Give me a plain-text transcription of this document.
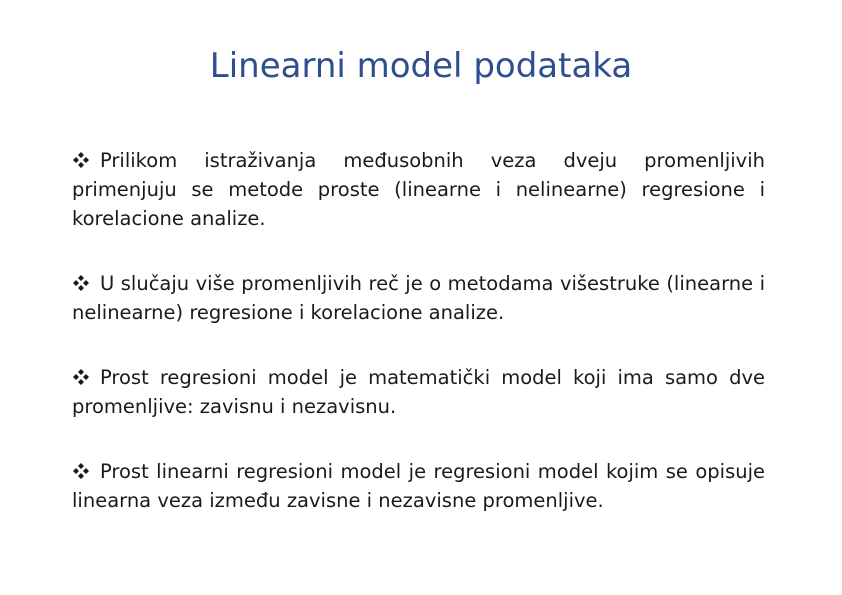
Linearni model podataka

Prilikom istraživanja međusobnih veza dveju promenljivih primenjuju se metode proste (linearne i nelinearne) regresione i korelacione analize.

U slučaju više promenljivih reč je o metodama višestruke (linearne i nelinearne) regresione i korelacione analize.

Prost regresioni model je matematički model koji ima samo dve promenljive: zavisnu i nezavisnu.

Prost linearni regresioni model je regresioni model kojim se opisuje linearna veza između zavisne i nezavisne promenljive.
